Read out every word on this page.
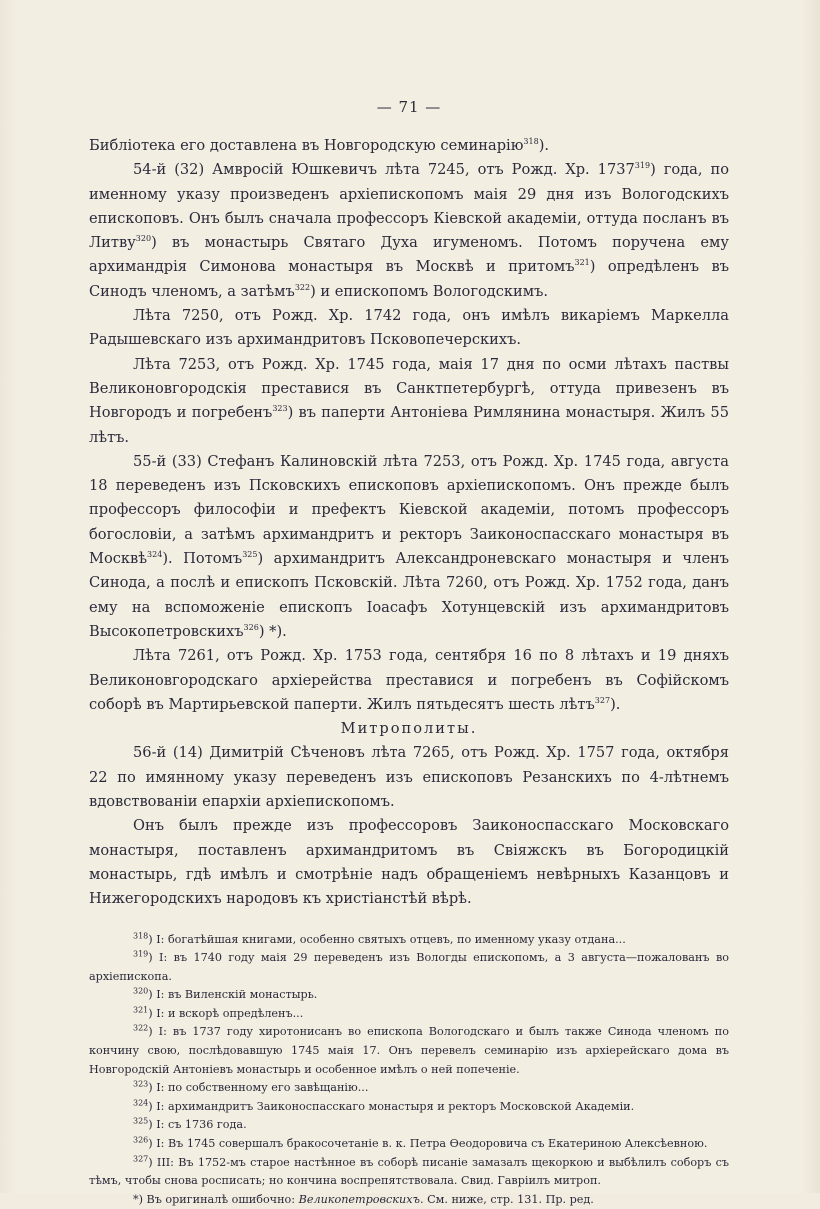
— 71 —

Библіотека его доставлена въ Новгородскую семинарію$^{318}$).

54-й (32) Амвросій Юшкевичъ лѣта 7245, отъ Рожд. Хр. 1737$^{319}$) года, по именному указу произведенъ архіепископомъ маія 29 дня изъ Вологодскихъ епископовъ. Онъ былъ сначала профессоръ Кіевской академіи, оттуда посланъ въ Литву$^{320}$) въ монастырь Святаго Духа игуменомъ. Потомъ поручена ему архимандрія Симонова монастыря въ Москвѣ и притомъ$^{321}$) опредѣленъ въ Синодъ членомъ, а затѣмъ$^{322}$) и епископомъ Вологодскимъ.

Лѣта 7250, отъ Рожд. Хр. 1742 года, онъ имѣлъ викаріемъ Маркелла Радышевскаго изъ архимандритовъ Псковопечерскихъ.

Лѣта 7253, отъ Рожд. Хр. 1745 года, маія 17 дня по осми лѣтахъ паствы Великоновгородскія преставися въ Санктпетербургѣ, оттуда привезенъ въ Новгородъ и погребенъ$^{323}$) въ паперти Антоніева Римлянина монастыря. Жилъ 55 лѣтъ.

55-й (33) Стефанъ Калиновскій лѣта 7253, отъ Рожд. Хр. 1745 года, августа 18 переведенъ изъ Псковскихъ епископовъ архіепископомъ. Онъ прежде былъ профессоръ философіи и префектъ Кіевской академіи, потомъ профессоръ богословіи, а затѣмъ архимандритъ и ректоръ Заиконоспасскаго монастыря въ Москвѣ$^{324}$). Потомъ$^{325}$) архимандритъ Александроневскаго монастыря и членъ Синода, а послѣ и епископъ Псковскій. Лѣта 7260, отъ Рожд. Хр. 1752 года, данъ ему на вспоможеніе епископъ Іоасафъ Хотунцевскій изъ архимандритовъ Высокопетровскихъ$^{326}$) *).

Лѣта 7261, отъ Рожд. Хр. 1753 года, сентября 16 по 8 лѣтахъ и 19 дняхъ Великоновгородскаго архіерейства преставися и погребенъ въ Софійскомъ соборѣ въ Мартирьевской паперти. Жилъ пятьдесятъ шесть лѣтъ$^{327}$).

Митрополиты.

56-й (14) Димитрій Сѣченовъ лѣта 7265, отъ Рожд. Хр. 1757 года, октября 22 по имянному указу переведенъ изъ епископовъ Резанскихъ по 4-лѣтнемъ вдовствованіи епархіи архіепископомъ.

Онъ былъ прежде изъ профессоровъ Заиконоспасскаго Московскаго монастыря, поставленъ архимандритомъ въ Свіяжскъ въ Богородицкій монастырь, гдѣ имѣлъ и смотрѣніе надъ обращеніемъ невѣрныхъ Казанцовъ и Нижегородскихъ народовъ къ христіанстѣй вѣрѣ.

$^{318}$) I: богатѣйшая книгами, особенно святыхъ отцевъ, по именному указу отдана...

$^{319}$) I: въ 1740 году маія 29 переведенъ изъ Вологды епископомъ, а 3 августа—пожалованъ во архіепископа.

$^{320}$) I: въ Виленскій монастырь.

$^{321}$) I: и вскорѣ опредѣленъ...

$^{322}$) I: въ 1737 году хиротонисанъ во епископа Вологодскаго и былъ также Синода членомъ по кончину свою, послѣдовавшую 1745 маія 17. Онъ перевелъ семинарію изъ архіерейскаго дома въ Новгородскій Антоніевъ монастырь и особенное имѣлъ о ней попеченіе.

$^{323}$) I: по собственному его завѣщанію...

$^{324}$) I: архимандритъ Заиконоспасскаго монастыря и ректоръ Московской Академіи.

$^{325}$) I: съ 1736 года.

$^{326}$) I: Въ 1745 совершалъ бракосочетаніе в. к. Петра Ѳеодоровича съ Екатериною Алексѣевною.

$^{327}$) III: Въ 1752-мъ старое настѣнное въ соборѣ писаніе замазалъ щекоркою и выбѣлилъ соборъ съ тѣмъ, чтобы снова росписать; но кончина воспрепятствовала. Свид. Гавріилъ митроп.

*) Въ оригиналѣ ошибочно: Великопетровскихъ. См. ниже, стр. 131. Пр. ред.
